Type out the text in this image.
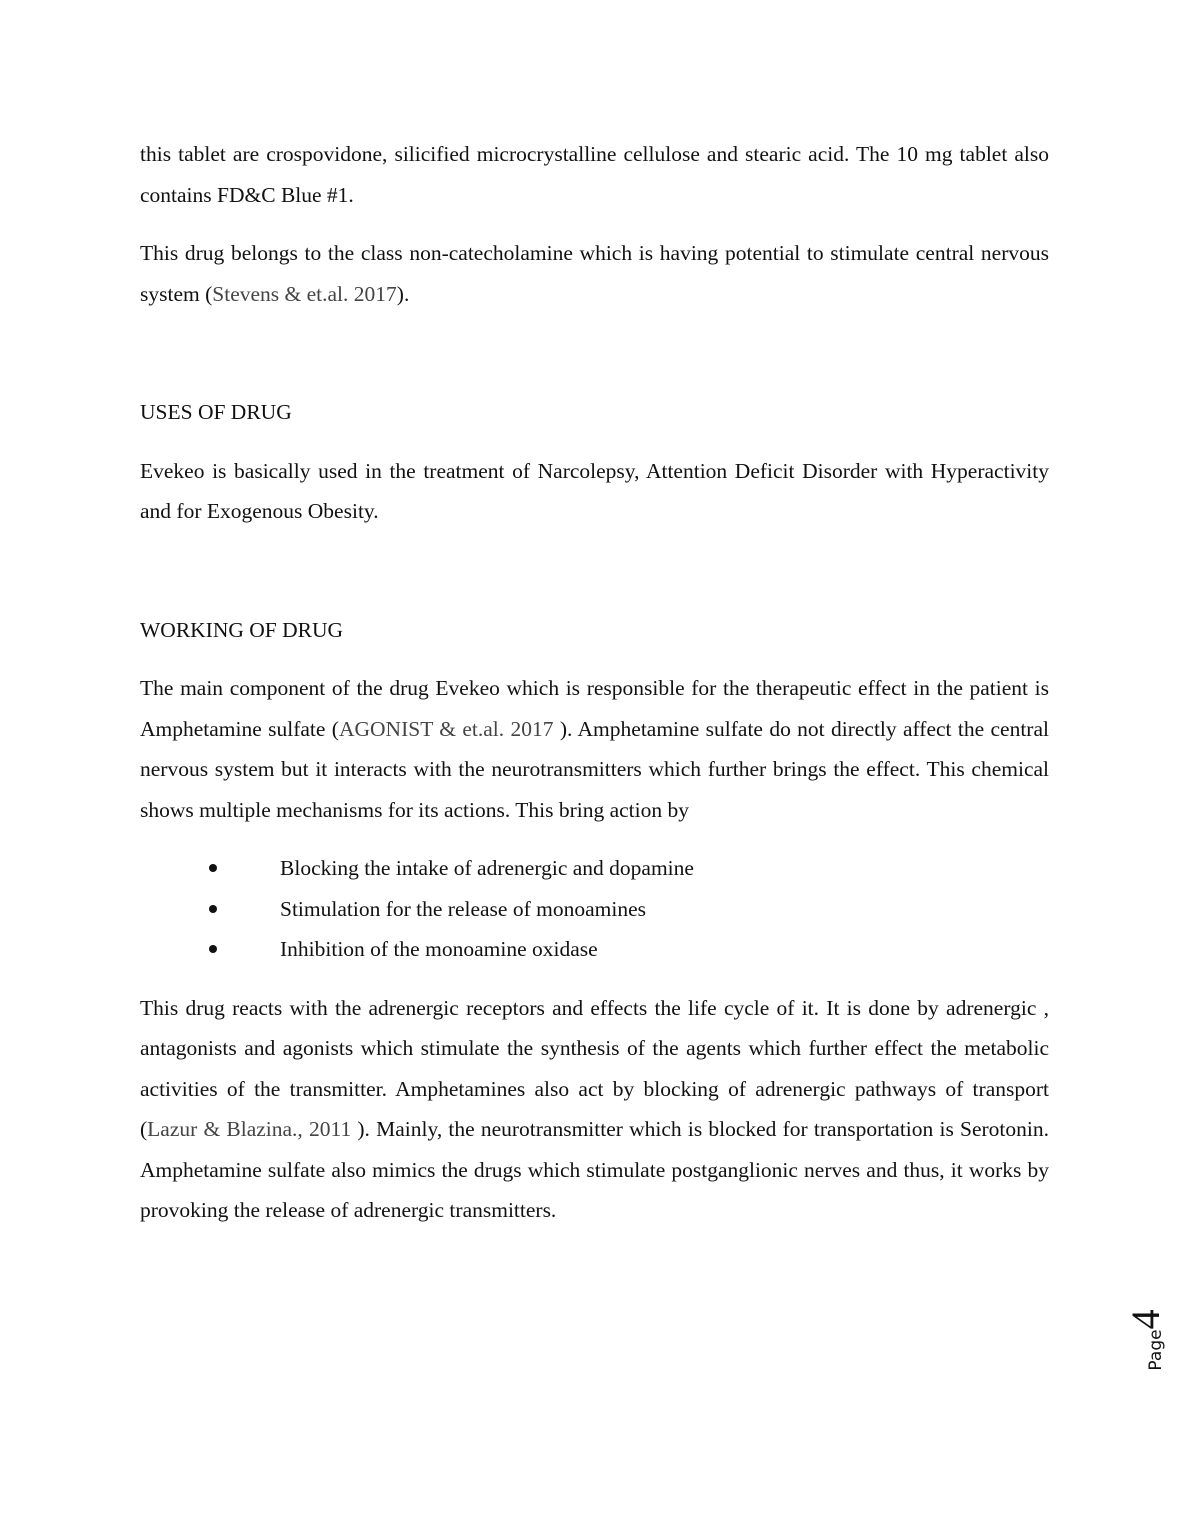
this tablet are crospovidone, silicified microcrystalline cellulose and stearic acid. The 10 mg tablet also contains FD&C Blue #1.

This drug belongs to the class non-catecholamine which is having potential to stimulate central nervous system (Stevens & et.al. 2017).

USES OF DRUG

Evekeo is basically used in the treatment of Narcolepsy, Attention Deficit Disorder with Hyperactivity and for Exogenous Obesity.

WORKING OF DRUG

The main component of the drug Evekeo which is responsible for the therapeutic effect in the patient is Amphetamine sulfate (AGONIST & et.al. 2017 ). Amphetamine sulfate do not directly affect the central nervous system but it interacts with the neurotransmitters which further brings the effect. This chemical shows multiple mechanisms for its actions. This bring action by

Blocking the intake of adrenergic and dopamine
Stimulation for the release of monoamines
Inhibition of the monoamine oxidase

This drug reacts with the adrenergic receptors and effects the life cycle of it. It is done by adrenergic , antagonists and agonists which stimulate the synthesis of the agents which further effect the metabolic activities of the transmitter. Amphetamines also act by blocking of adrenergic pathways of transport (Lazur & Blazina., 2011 ). Mainly, the neurotransmitter which is blocked for transportation is Serotonin. Amphetamine sulfate also mimics the drugs which stimulate postganglionic nerves and thus, it works by provoking the release of adrenergic transmitters.

Page
4
